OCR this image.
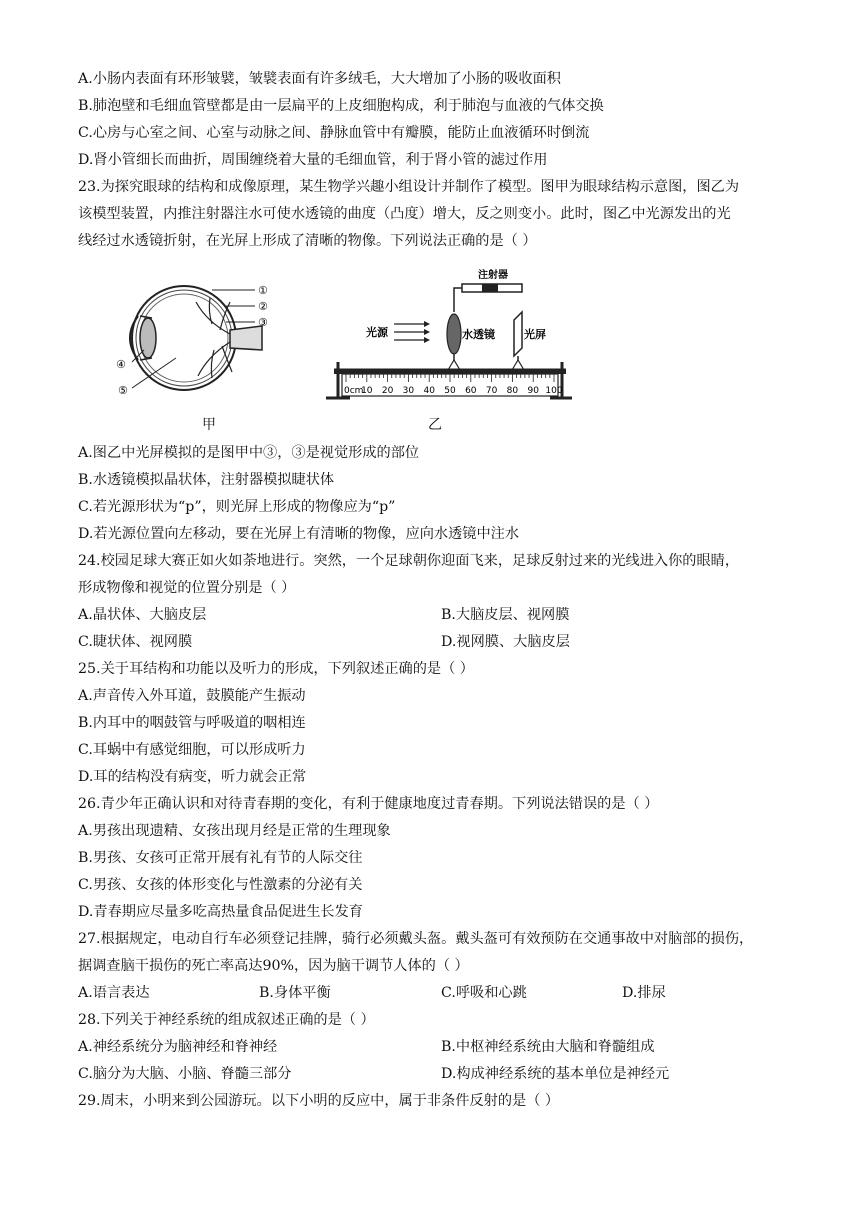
A.小肠内表面有环形皱襞，皱襞表面有许多绒毛，大大增加了小肠的吸收面积
B.肺泡壁和毛细血管壁都是由一层扁平的上皮细胞构成，利于肺泡与血液的气体交换
C.心房与心室之间、心室与动脉之间、静脉血管中有瓣膜，能防止血液循环时倒流
D.肾小管细长而曲折，周围缠绕着大量的毛细血管，利于肾小管的滤过作用
23.为探究眼球的结构和成像原理，某生物学兴趣小组设计并制作了模型。图甲为眼球结构示意图，图乙为
该模型装置，内推注射器注水可使水透镜的曲度（凸度）增大，反之则变小。此时，图乙中光源发出的光
线经过水透镜折射，在光屏上形成了清晰的物像。下列说法正确的是（ ）
①
②
③
④
⑤
注射器
光源	水透镜	光屏
0cm
10 20 30 40 50 60 70 80 90 100
甲	乙
A.图乙中光屏模拟的是图甲中③，③是视觉形成的部位
B.水透镜模拟晶状体，注射器模拟睫状体
C.若光源形状为“p”，则光屏上形成的物像应为“p”
D.若光源位置向左移动，要在光屏上有清晰的物像，应向水透镜中注水
24.校园足球大赛正如火如荼地进行。突然，一个足球朝你迎面飞来，足球反射过来的光线进入你的眼睛，
形成物像和视觉的位置分别是（ ）
A.晶状体、大脑皮层	B.大脑皮层、视网膜
C.睫状体、视网膜	D.视网膜、大脑皮层
25.关于耳结构和功能以及听力的形成，下列叙述正确的是（ ）
A.声音传入外耳道，鼓膜能产生振动
B.内耳中的咽鼓管与呼吸道的咽相连
C.耳蜗中有感觉细胞，可以形成听力
D.耳的结构没有病变，听力就会正常
26.青少年正确认识和对待青春期的变化，有利于健康地度过青春期。下列说法错误的是（ ）
A.男孩出现遗精、女孩出现月经是正常的生理现象
B.男孩、女孩可正常开展有礼有节的人际交往
C.男孩、女孩的体形变化与性激素的分泌有关
D.青春期应尽量多吃高热量食品促进生长发育
27.根据规定，电动自行车必须登记挂牌，骑行必须戴头盔。戴头盔可有效预防在交通事故中对脑部的损伤，
据调查脑干损伤的死亡率高达90%，因为脑干调节人体的（ ）
A.语言表达	B.身体平衡	C.呼吸和心跳	D.排尿
28.下列关于神经系统的组成叙述正确的是（ ）
A.神经系统分为脑神经和脊神经	B.中枢神经系统由大脑和脊髓组成
C.脑分为大脑、小脑、脊髓三部分	D.构成神经系统的基本单位是神经元
29.周末，小明来到公园游玩。以下小明的反应中，属于非条件反射的是（ ）
